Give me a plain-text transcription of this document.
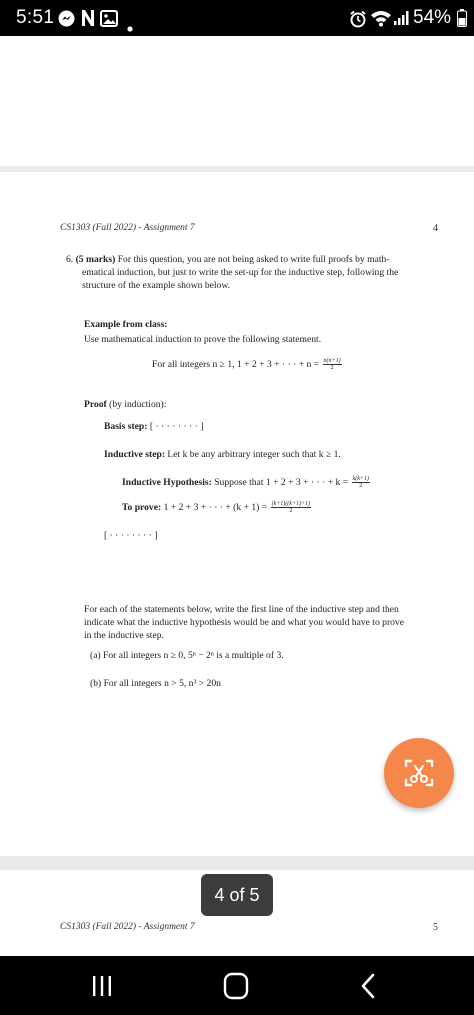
5:51	54%
CS1303 (Fall 2022) - Assignment 7	4
6. (5 marks) For this question, you are not being asked to write full proofs by math-
ematical induction, but just to write the set-up for the inductive step, following the
structure of the example shown below.
Example from class:
Use mathematical induction to prove the following statement.
For all integers n ≥ 1, 1 + 2 + 3 + · · · + $n = \frac{n(n+1)}{2}$
Proof (by induction):
Basis step: [ · · · · · · · · ]
Inductive step: Let k be any arbitrary integer such that k ≥ 1.
Inductive Hypothesis: Suppose that 1 + 2 + 3 + · · · + $k = \frac{k(k+1)}{2}$
To prove: 1 + 2 + 3 + · · · + $(k + 1) = \frac{(k+1)((k+1)+1)}{2}$
[ · · · · · · · · ]
For each of the statements below, write the first line of the inductive step and then
indicate what the inductive hypothesis would be and what you would have to prove
in the inductive step.
(a) For all integers n ≥ 0, 5ⁿ − 2ⁿ is a multiple of 3.
(b) For all integers n > 5, n³ > 20n
CS1303 (Fall 2022) - Assignment 7	5
4 of 5
